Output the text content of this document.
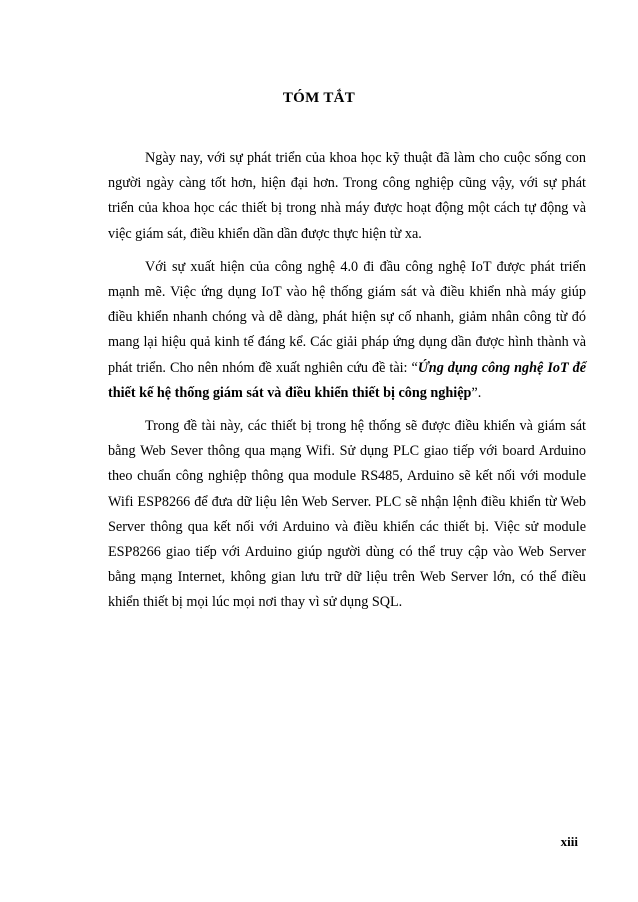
TÓM TẮT

Ngày nay, với sự phát triển của khoa học kỹ thuật đã làm cho cuộc sống con người ngày càng tốt hơn, hiện đại hơn. Trong công nghiệp cũng vậy, với sự phát triển của khoa học các thiết bị trong nhà máy được hoạt động một cách tự động và việc giám sát, điều khiển dần dần được thực hiện từ xa.

Với sự xuất hiện của công nghệ 4.0 đi đầu công nghệ IoT được phát triển mạnh mẽ. Việc ứng dụng IoT vào hệ thống giám sát và điều khiển nhà máy giúp điều khiển nhanh chóng và dễ dàng, phát hiện sự cố nhanh, giảm nhân công từ đó mang lại hiệu quả kinh tế đáng kể. Các giải pháp ứng dụng dần được hình thành và phát triển. Cho nên nhóm đề xuất nghiên cứu đề tài: “Ứng dụng công nghệ IoT để thiết kế hệ thống giám sát và điều khiển thiết bị công nghiệp”.

Trong đề tài này, các thiết bị trong hệ thống sẽ được điều khiển và giám sát bằng Web Sever thông qua mạng Wifi. Sử dụng PLC giao tiếp với board Arduino theo chuẩn công nghiệp thông qua module RS485, Arduino sẽ kết nối với module Wifi ESP8266 để đưa dữ liệu lên Web Server. PLC sẽ nhận lệnh điều khiển từ Web Server thông qua kết nối với Arduino và điều khiển các thiết bị. Việc sử module ESP8266 giao tiếp với Arduino giúp người dùng có thể truy cập vào Web Server bằng mạng Internet, không gian lưu trữ dữ liệu trên Web Server lớn, có thể điều khiển thiết bị mọi lúc mọi nơi thay vì sử dụng SQL.

xiii
